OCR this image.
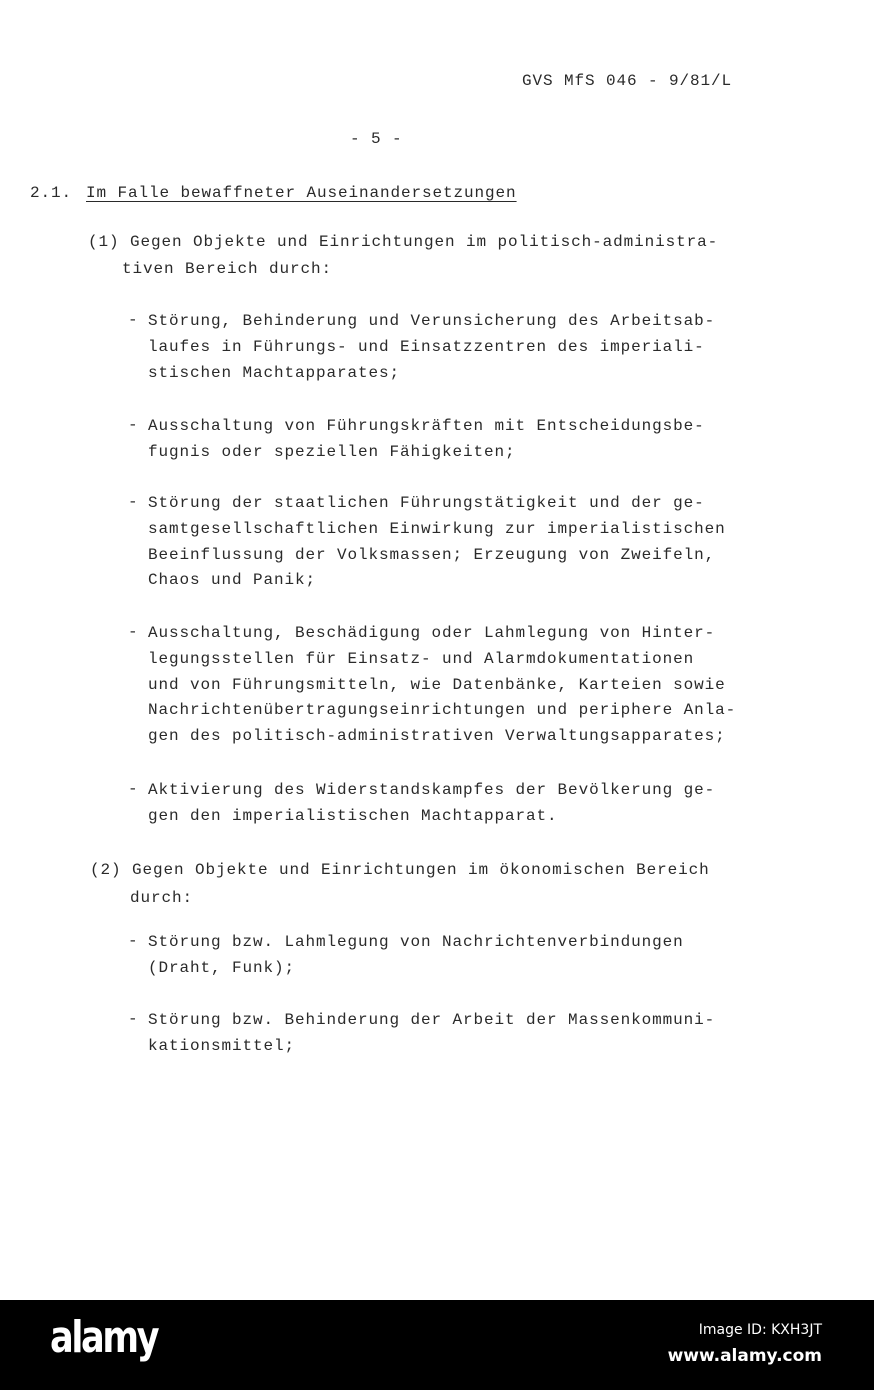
GVS MfS 046 - 9/81/L
- 5 -
2.1. Im Falle bewaffneter Auseinandersetzungen
(1) Gegen Objekte und Einrichtungen im politisch-administra-
tiven Bereich durch:
- Störung, Behinderung und Verunsicherung des Arbeitsab-
laufes in Führungs- und Einsatzzentren des imperiali-
stischen Machtapparates;
- Ausschaltung von Führungskräften mit Entscheidungsbe-
fugnis oder speziellen Fähigkeiten;
- Störung der staatlichen Führungstätigkeit und der ge-
samtgesellschaftlichen Einwirkung zur imperialistischen
Beeinflussung der Volksmassen; Erzeugung von Zweifeln,
Chaos und Panik;
- Ausschaltung, Beschädigung oder Lahmlegung von Hinter-
legungsstellen für Einsatz- und Alarmdokumentationen
und von Führungsmitteln, wie Datenbänke, Karteien sowie
Nachrichtenübertragungseinrichtungen und periphere Anla-
gen des politisch-administrativen Verwaltungsapparates;
- Aktivierung des Widerstandskampfes der Bevölkerung ge-
gen den imperialistischen Machtapparat.
(2) Gegen Objekte und Einrichtungen im ökonomischen Bereich
durch:
- Störung bzw. Lahmlegung von Nachrichtenverbindungen
(Draht, Funk);
- Störung bzw. Behinderung der Arbeit der Massenkommuni-
kationsmittel;
alamy	Image ID: KXH3JT
www.alamy.com
